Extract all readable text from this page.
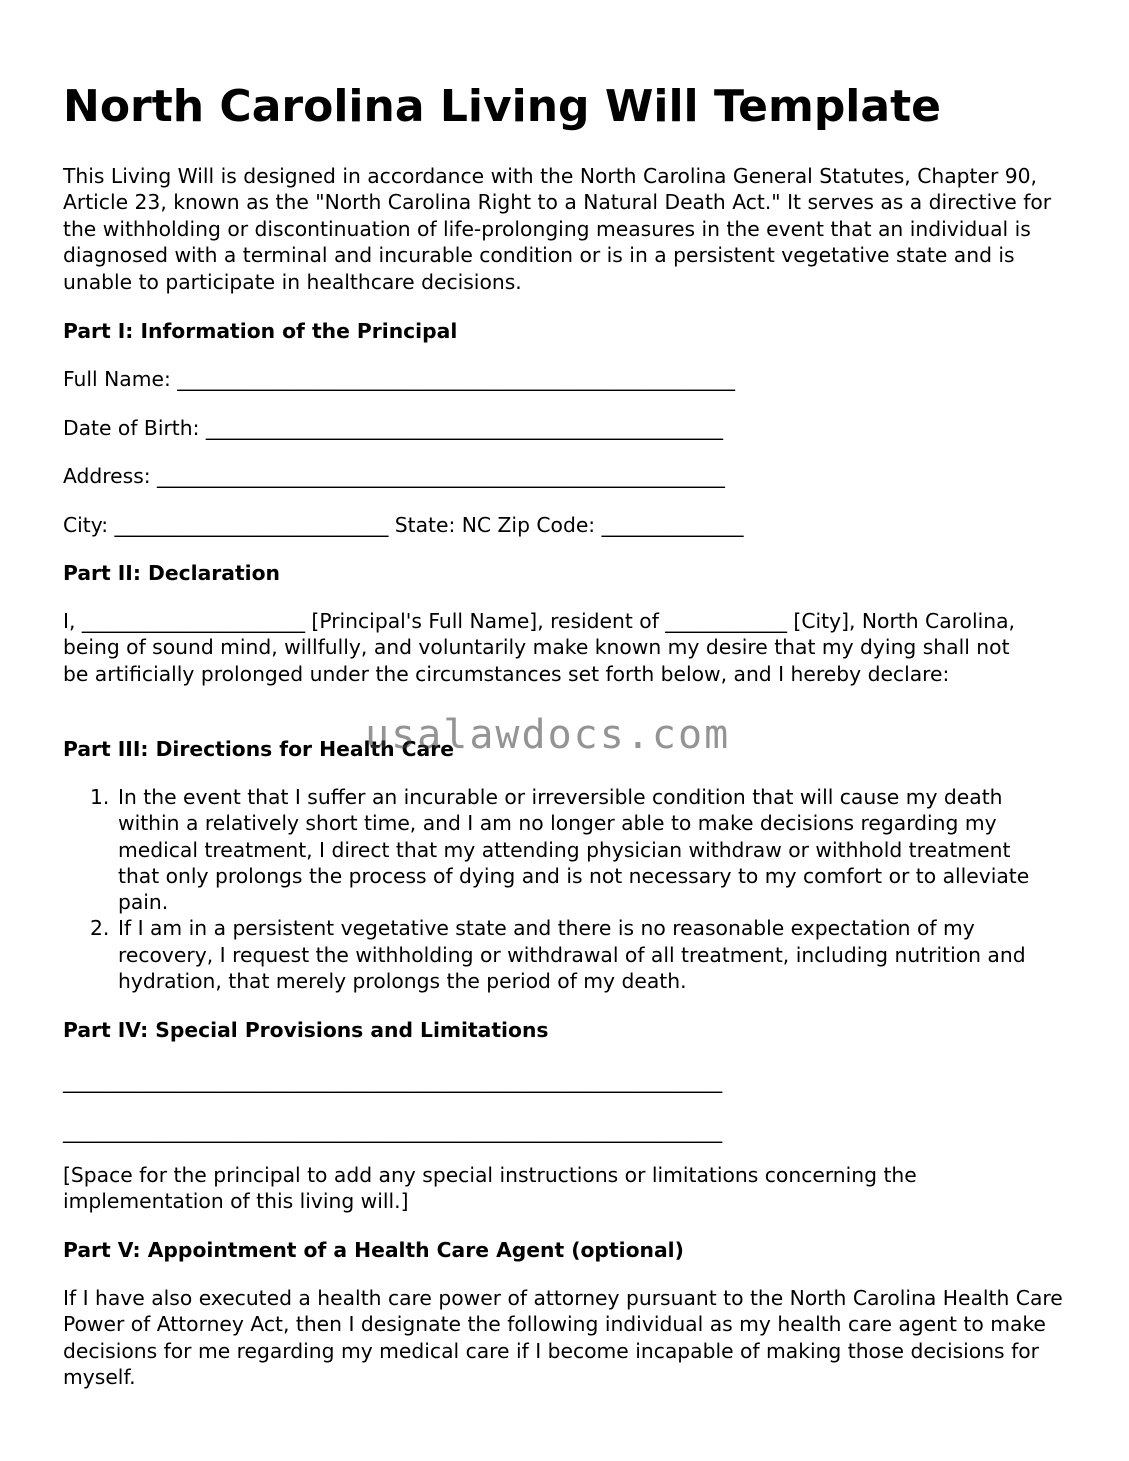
North Carolina Living Will Template

This Living Will is designed in accordance with the North Carolina General Statutes, Chapter 90, Article 23, known as the "North Carolina Right to a Natural Death Act." It serves as a directive for the withholding or discontinuation of life-prolonging measures in the event that an individual is diagnosed with a terminal and incurable condition or is in a persistent vegetative state and is unable to participate in healthcare decisions.

Part I: Information of the Principal
Full Name: _______________________________________________________
Date of Birth: ___________________________________________________
Address: ________________________________________________________
City: ___________________________ State: NC Zip Code: ______________
Part II: Declaration

I, ______________________ [Principal's Full Name], resident of ____________ [City], North Carolina, being of sound mind, willfully, and voluntarily make known my desire that my dying shall not be artificially prolonged under the circumstances set forth below, and I hereby declare:

Part III: Directions for Health Care
1. In the event that I suffer an incurable or irreversible condition that will cause my death within a relatively short time, and I am no longer able to make decisions regarding my medical treatment, I direct that my attending physician withdraw or withhold treatment that only prolongs the process of dying and is not necessary to my comfort or to alleviate pain.
2. If I am in a persistent vegetative state and there is no reasonable expectation of my recovery, I request the withholding or withdrawal of all treatment, including nutrition and hydration, that merely prolongs the period of my death.
Part IV: Special Provisions and Limitations
_________________________________________________________________
_________________________________________________________________

[Space for the principal to add any special instructions or limitations concerning the implementation of this living will.]

Part V: Appointment of a Health Care Agent (optional)

If I have also executed a health care power of attorney pursuant to the North Carolina Health Care Power of Attorney Act, then I designate the following individual as my health care agent to make decisions for me regarding my medical care if I become incapable of making those decisions for myself.

usalawdocs.com
